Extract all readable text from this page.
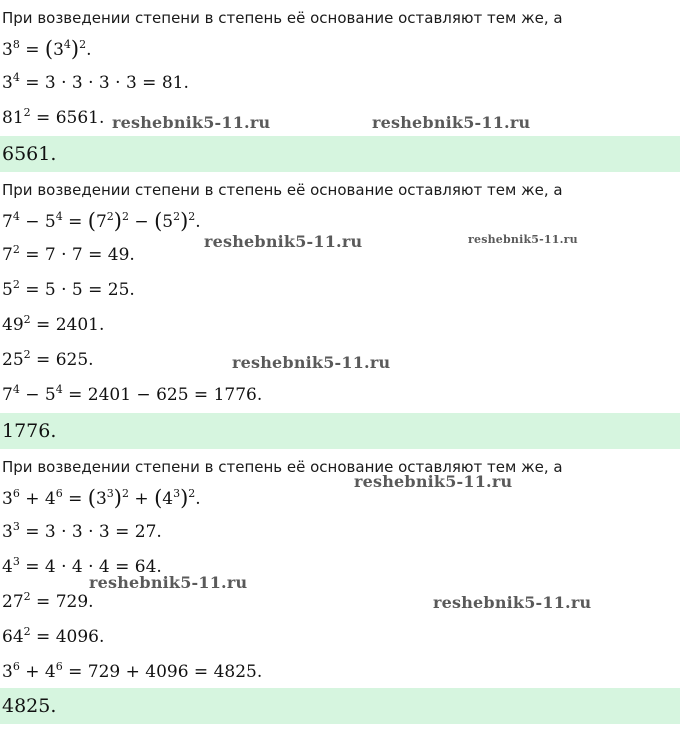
При возведении степени в степень её основание оставляют тем же, а
$3^8 = (3^4)^2$.
$3^4 = 3 \cdot 3 \cdot 3 \cdot 3 = 81$.
$81^2 = 6561$.
6561.
При возведении степени в степень её основание оставляют тем же, а
$7^4 - 5^4 = (7^2)^2 - (5^2)^2$.
$7^2 = 7 \cdot 7 = 49$.
$5^2 = 5 \cdot 5 = 25$.
$49^2 = 2401$.
$25^2 = 625$.
$7^4 - 5^4 = 2401 - 625 = 1776$.
1776.
При возведении степени в степень её основание оставляют тем же, а
$3^6 + 4^6 = (3^3)^2 + (4^3)^2$.
$3^3 = 3 \cdot 3 \cdot 3 = 27$.
$4^3 = 4 \cdot 4 \cdot 4 = 64$.
$27^2 = 729$.
$64^2 = 4096$.
$3^6 + 4^6 = 729 + 4096 = 4825$.
4825.
reshebnik5-11.ru	reshebnik5-11.ru
reshebnik5-11.ru	reshebnik5-11.ru
reshebnik5-11.ru
reshebnik5-11.ru
reshebnik5-11.ru
reshebnik5-11.ru
